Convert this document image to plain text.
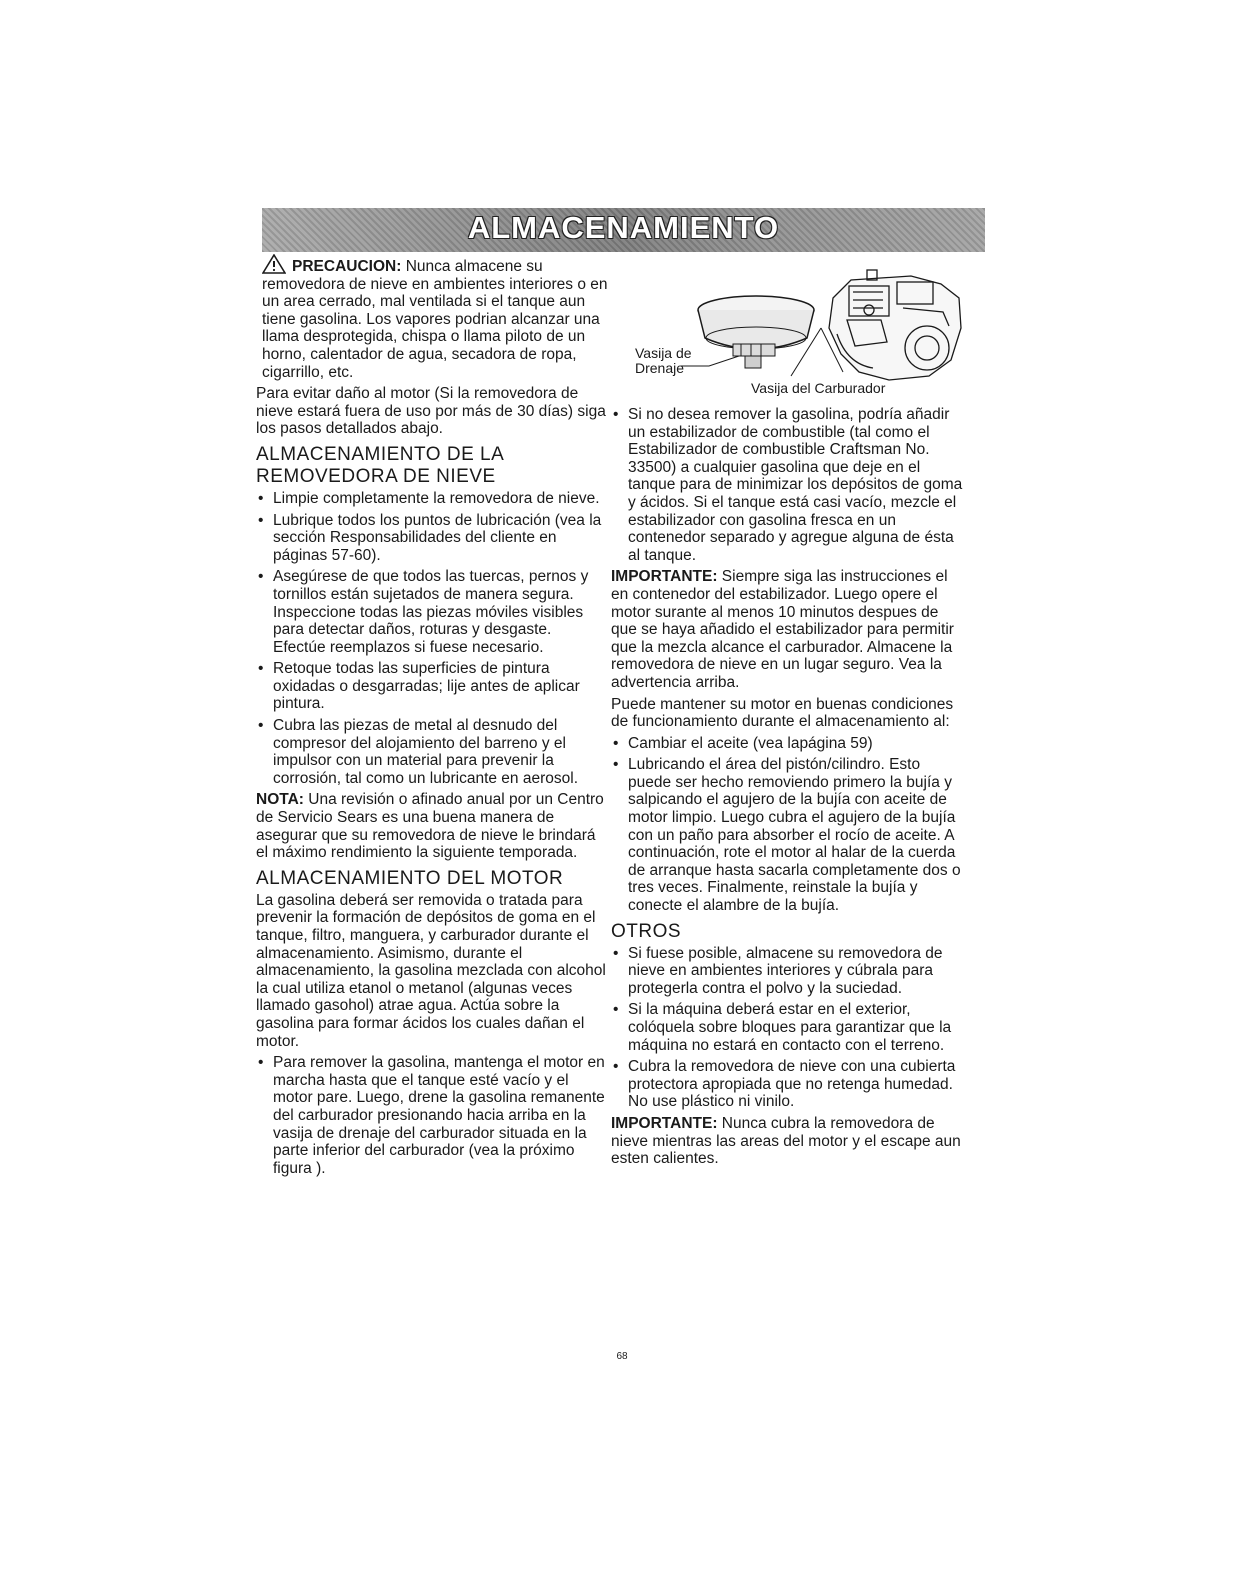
ALMACENAMIENTO

PRECAUCION: Nunca almacene su removedora de nieve en ambientes interiores o en un area cerrado, mal ventilada si el tanque aun tiene gasolina. Los vapores podrian alcanzar una llama desprotegida, chispa o llama piloto de un horno, calentador de agua, secadora de ropa, cigarrillo, etc.

Para evitar daño al motor (Si la removedora de nieve estará fuera de uso por más de 30 días) siga los pasos detallados abajo.

ALMACENAMIENTO DE LA REMOVEDORA DE NIEVE
• Limpie completamente la removedora de nieve.
• Lubrique todos los puntos de lubricación (vea la sección Responsabilidades del cliente en páginas 57-60).
• Asegúrese de que todos las tuercas, pernos y tornillos están sujetados de manera segura. Inspeccione todas las piezas móviles visibles para detectar daños, roturas y desgaste. Efectúe reemplazos si fuese necesario.
• Retoque todas las superficies de pintura oxidadas o desgarradas; lije antes de aplicar pintura.
• Cubra las piezas de metal al desnudo del compresor del alojamiento del barreno y el impulsor con un material para prevenir la corrosión, tal como un lubricante en aerosol.

NOTA: Una revisión o afinado anual por un Centro de Servicio Sears es una buena manera de asegurar que su removedora de nieve le brindará el máximo rendimiento la siguiente temporada.

ALMACENAMIENTO DEL MOTOR

La gasolina deberá ser removida o tratada para prevenir la formación de depósitos de goma en el tanque, filtro, manguera, y carburador durante el almacenamiento. Asimismo, durante el almacenamiento, la gasolina mezclada con alcohol la cual utiliza etanol o metanol (algunas veces llamado gasohol) atrae agua. Actúa sobre la gasolina para formar ácidos los cuales dañan el motor.

• Para remover la gasolina, mantenga el motor en marcha hasta que el tanque esté vacío y el motor pare. Luego, drene la gasolina remanente del carburador presionando hacia arriba en la vasija de drenaje del carburador situada en la parte inferior del carburador (vea la próximo figura ).
Vasija de
Drenaje
Vasija del Carburador
• Si no desea remover la gasolina, podría añadir un estabilizador de combustible (tal como el Estabilizador de combustible Craftsman No. 33500) a cualquier gasolina que deje en el tanque para de minimizar los depósitos de goma y ácidos. Si el tanque está casi vacío, mezcle el estabilizador con gasolina fresca en un contenedor separado y agregue alguna de ésta al tanque.

IMPORTANTE: Siempre siga las instrucciones el en contenedor del estabilizador. Luego opere el motor surante al menos 10 minutos despues de que se haya añadido el estabilizador para permitir que la mezcla alcance el carburador. Almacene la removedora de nieve en un lugar seguro. Vea la advertencia arriba.

Puede mantener su motor en buenas condiciones de funcionamiento durante el almacenamiento al:

• Cambiar el aceite (vea lapágina 59)
• Lubricando el área del pistón/cilindro. Esto puede ser hecho removiendo primero la bujía y salpicando el agujero de la bujía con aceite de motor limpio. Luego cubra el agujero de la bujía con un paño para absorber el rocío de aceite. A continuación, rote el motor al halar de la cuerda de arranque hasta sacarla completamente dos o tres veces. Finalmente, reinstale la bujía y conecte el alambre de la bujía.
OTROS
• Si fuese posible, almacene su removedora de nieve en ambientes interiores y cúbrala para protegerla contra el polvo y la suciedad.
• Si la máquina deberá estar en el exterior, colóquela sobre bloques para garantizar que la máquina no estará en contacto con el terreno.
• Cubra la removedora de nieve con una cubierta protectora apropiada que no retenga humedad. No use plástico ni vinilo.

IMPORTANTE: Nunca cubra la removedora de nieve mientras las areas del motor y el escape aun esten calientes.

68
